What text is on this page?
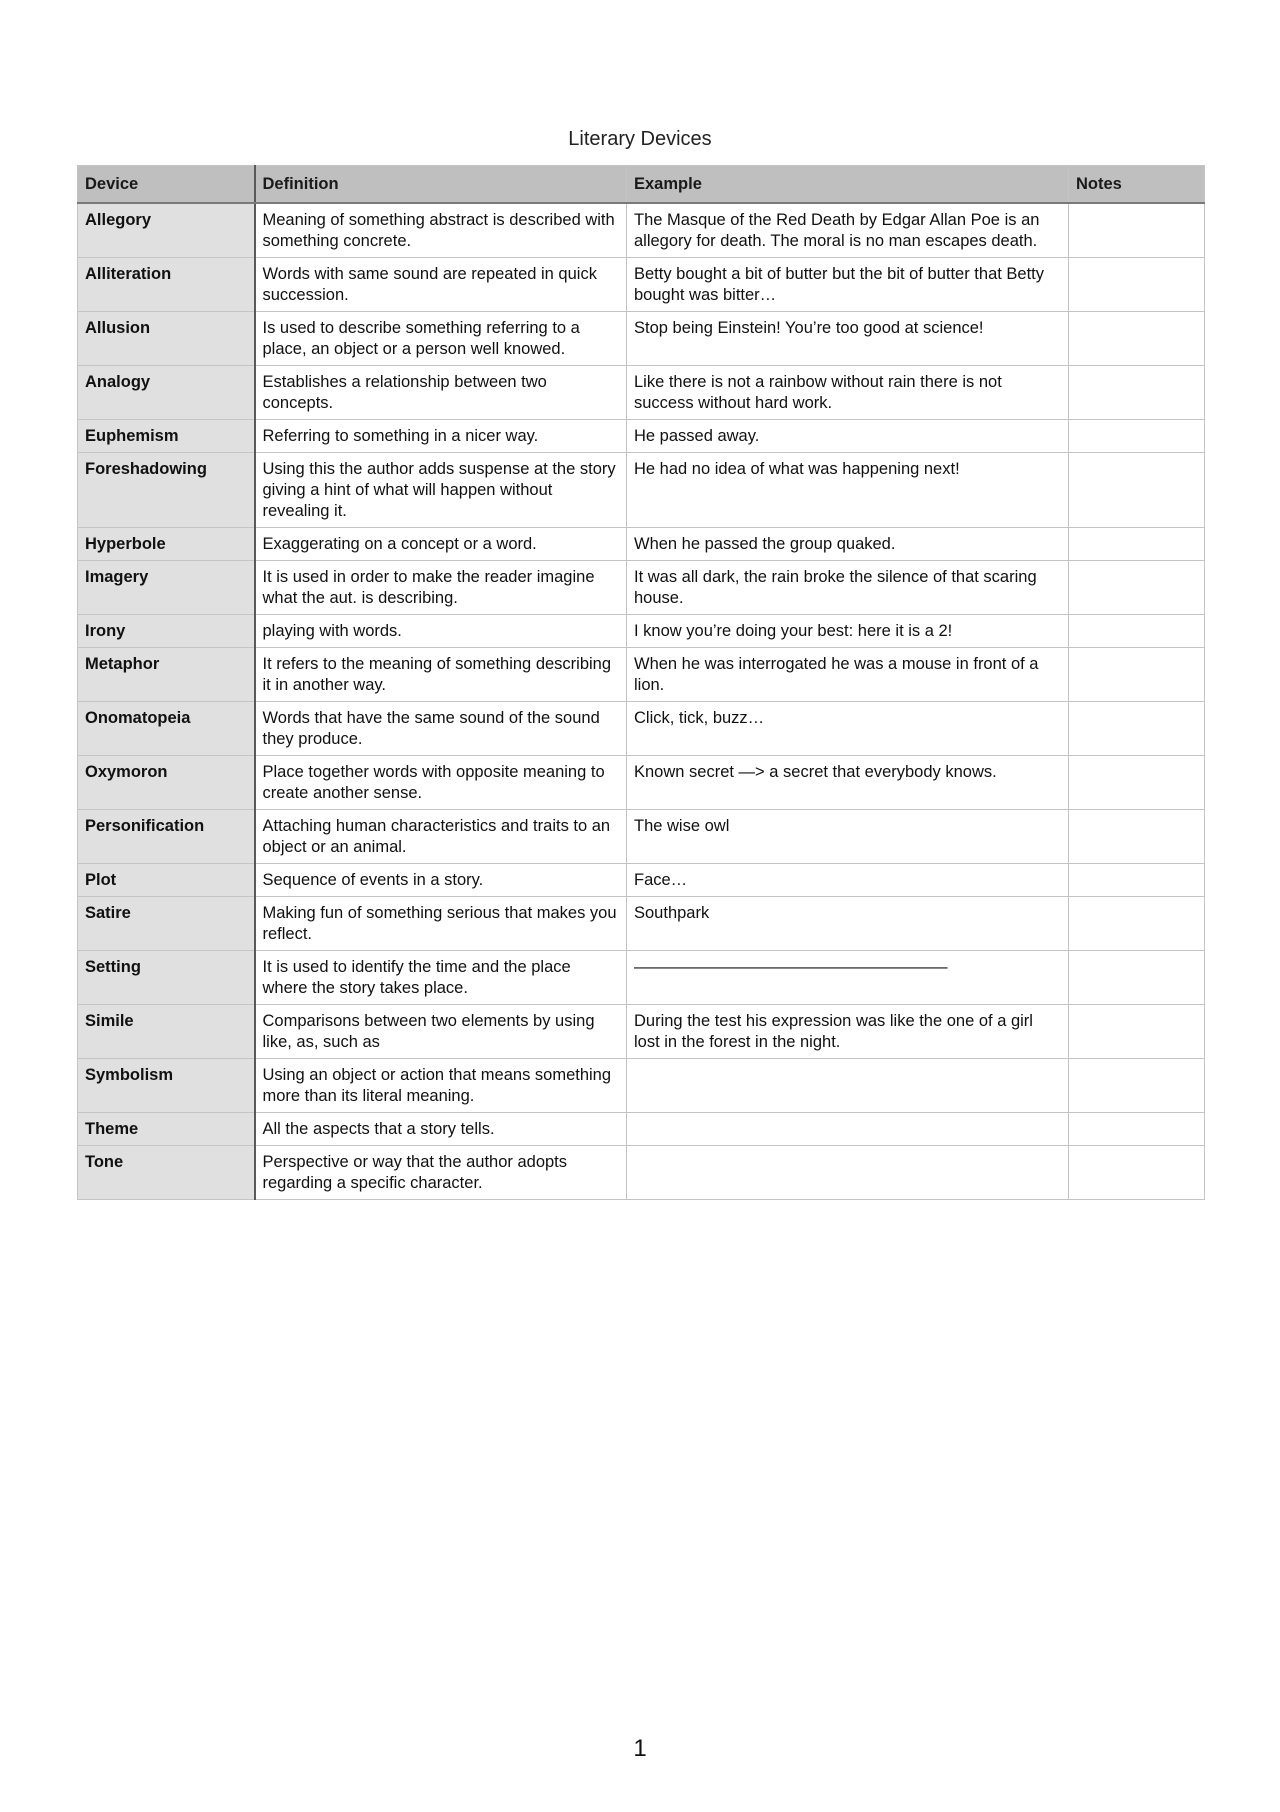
Literary Devices
Device	Definition	Example	Notes
Allegory	Meaning of something abstract is described with something concrete.	The Masque of the Red Death by Edgar Allan Poe is an allegory for death. The moral is no man escapes death.	
Alliteration	Words with same sound are repeated in quick succession.	Betty bought a bit of butter but the bit of butter that Betty bought was bitter…	
Allusion	Is used to describe something referring to a place, an object or a person well knowed.	Stop being Einstein! You’re too good at science!	
Analogy	Establishes a relationship between two concepts.	Like there is not a rainbow without rain there is not success without hard work.	
Euphemism	Referring to something in a nicer way.	He passed away.	
Foreshadowing	Using this the author adds suspense at the story giving a hint of what will happen without revealing it.	He had no idea of what was happening next!	
Hyperbole	Exaggerating on a concept or a word.	When he passed the group quaked.	
Imagery	It is used in order to make the reader imagine what the aut. is describing.	It was all dark, the rain broke the silence of that scaring house.	
Irony	playing with words.	I know you’re doing your best: here it is a 2!	
Metaphor	It refers to the meaning of something describing it in another way.	When he was interrogated he was a mouse in front of a lion.	
Onomatopeia	Words that have the same sound of the sound they produce.	Click, tick, buzz…	
Oxymoron	Place together words with opposite meaning to create another sense.	Known secret —> a secret that everybody knows.	
Personification	Attaching human characteristics and traits to an object or an animal.	The wise owl	
Plot	Sequence of events in a story.	Face…	
Satire	Making fun of something serious that makes you reflect.	Southpark	
Setting	It is used to identify the time and the place where the story takes place.	———————————————————	
Simile	Comparisons between two elements by using like, as, such as	During the test his expression was like the one of a girl lost in the forest in the night.	
Symbolism	Using an object or action that means something more than its literal meaning.		
Theme	All the aspects that a story tells.		
Tone	Perspective or way that the author adopts regarding a specific character.		
1
